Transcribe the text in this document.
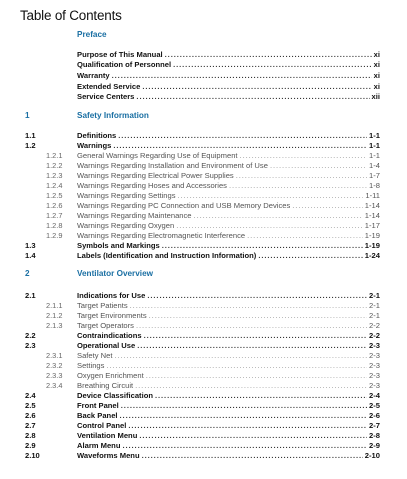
Table of Contents
Preface
Purpose of This Manual . . .	xi
Qualification of Personnel . . .	xi
Warranty . . .	xi
Extended Service . . .	xi
Service Centers . . .	xii
1	Safety Information
1.1	Definitions . . .	1-1
1.2	Warnings . . .	1-1
1.2.1 General Warnings Regarding Use of Equipment . . .	1-1
1.2.2 Warnings Regarding Installation and Environment of Use . . .	1-4
1.2.3 Warnings Regarding Electrical Power Supplies . . .	1-7
1.2.4 Warnings Regarding Hoses and Accessories . . .	1-8
1.2.5 Warnings Regarding Settings . . .	1-11
1.2.6 Warnings Regarding PC Connection and USB Memory Devices . . .	1-14
1.2.7 Warnings Regarding Maintenance . . .	1-14
1.2.8 Warnings Regarding Oxygen . . .	1-17
1.2.9 Warnings Regarding Electromagnetic Interference . . .	1-19
1.3	Symbols and Markings . . .	1-19
1.4	Labels (Identification and Instruction Information) . . .	1-24
2	Ventilator Overview
2.1	Indications for Use . . .	2-1
2.1.1 Target Patients . . .	2-1
2.1.2 Target Environments . . .	2-1
2.1.3 Target Operators . . .	2-2
2.2	Contraindications . . .	2-2
2.3	Operational Use . . .	2-3
2.3.1 Safety Net . . .	2-3
2.3.2 Settings . . .	2-3
2.3.3 Oxygen Enrichment . . .	2-3
2.3.4 Breathing Circuit . . .	2-3
2.4	Device Classification . . .	2-4
2.5	Front Panel . . .	2-5
2.6	Back Panel . . .	2-6
2.7	Control Panel . . .	2-7
2.8	Ventilation Menu . . .	2-8
2.9	Alarm Menu . . .	2-9
2.10	Waveforms Menu . . .	2-10
